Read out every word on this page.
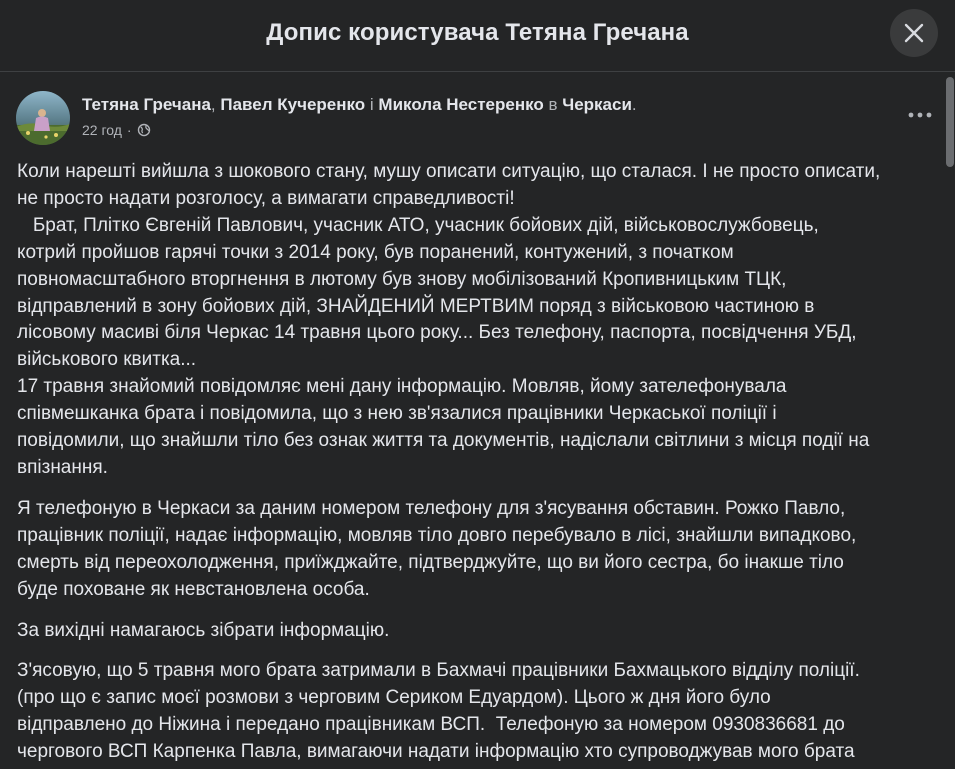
Допис користувача Тетяна Гречана
Тетяна Гречана, Павел Кучеренко і Микола Нестеренко в Черкаси.
22 год ·

Коли нарешті вийшла з шокового стану, мушу описати ситуацію, що сталася. І не просто описати,

не просто надати розголосу, а вимагати справедливості!

Брат, Плітко Євгеній Павлович, учасник АТО, учасник бойових дій, військовослужбовець,

котрий пройшов гарячі точки з 2014 року, був поранений, контужений, з початком

повномасштабного вторгнення в лютому був знову мобілізований Кропивницьким ТЦК,

відправлений в зону бойових дій, ЗНАЙДЕНИЙ МЕРТВИМ поряд з військовою частиною в

лісовому масиві біля Черкас 14 травня цього року... Без телефону, паспорта, посвідчення УБД,

військового квитка...

17 травня знайомий повідомляє мені дану інформацію. Мовляв, йому зателефонувала

співмешканка брата і повідомила, що з нею зв'язалися працівники Черкаської поліції і

повідомили, що знайшли тіло без ознак життя та документів, надіслали світлини з місця події на

впізнання.

Я телефоную в Черкаси за даним номером телефону для з'ясування обставин. Рожко Павло,

працівник поліції, надає інформацію, мовляв тіло довго перебувало в лісі, знайшли випадково,

смерть від переохолодження, приїжджайте, підтверджуйте, що ви його сестра, бо інакше тіло

буде поховане як невстановлена особа.

За вихідні намагаюсь зібрати інформацію.

З'ясовую, що 5 травня мого брата затримали в Бахмачі працівники Бахмацького відділу поліції.

(про що є запис моєї розмови з черговим Сериком Едуардом). Цього ж дня його було

відправлено до Ніжина і передано працівникам ВСП.  Телефоную за номером 0930836681 до

чергового ВСП Карпенка Павла, вимагаючи надати інформацію хто супроводжував мого брата
